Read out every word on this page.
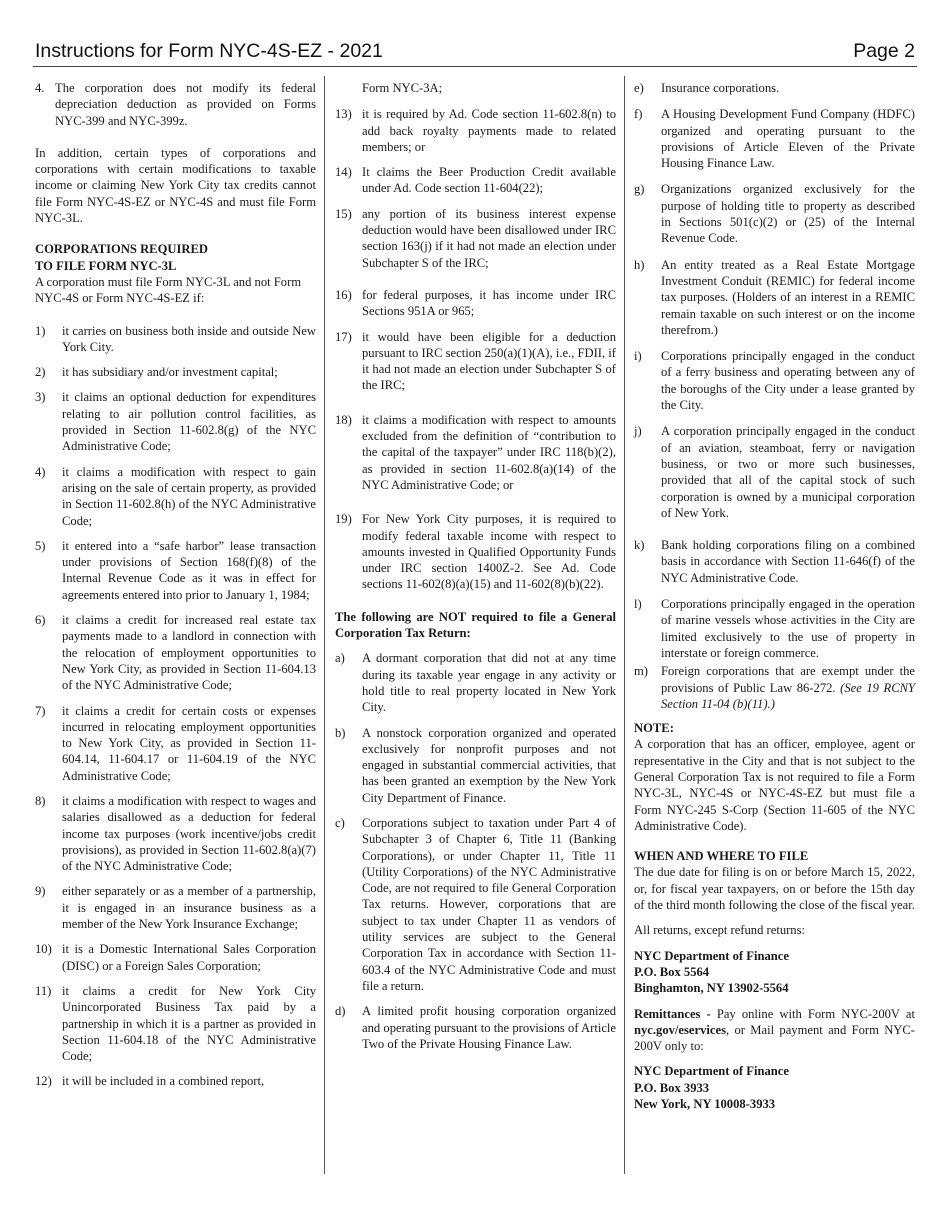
Instructions for Form NYC-4S-EZ - 2021	Page 2
4. The corporation does not modify its federal depreciation deduction as provided on Forms NYC-399 and NYC-399z.

In addition, certain types of corporations and corporations with certain modifications to taxable income or claiming New York City tax credits cannot file Form NYC-4S-EZ or NYC-4S and must file Form NYC-3L.

CORPORATIONS REQUIRED
TO FILE FORM NYC-3L

A corporation must file Form NYC-3L and not Form NYC-4S or Form NYC-4S-EZ if:

1) it carries on business both inside and outside New York City.
2) it has subsidiary and/or investment capital;
3) it claims an optional deduction for expenditures relating to air pollution control facilities, as provided in Section 11-602.8(g) of the NYC Administrative Code;
4) it claims a modification with respect to gain arising on the sale of certain property, as provided in Section 11-602.8(h) of the NYC Administrative Code;
5) it entered into a “safe harbor” lease transaction under provisions of Section 168(f)(8) of the Internal Revenue Code as it was in effect for agreements entered into prior to January 1, 1984;
6) it claims a credit for increased real estate tax payments made to a landlord in connection with the relocation of employment opportunities to New York City, as provided in Section 11-604.13 of the NYC Administrative Code;
7) it claims a credit for certain costs or expenses incurred in relocating employment opportunities to New York City, as provided in Section 11-604.14, 11-604.17 or 11-604.19 of the NYC Administrative Code;
8) it claims a modification with respect to wages and salaries disallowed as a deduction for federal income tax purposes (work incentive/jobs credit provisions), as provided in Section 11-602.8(a)(7) of the NYC Administrative Code;
9) either separately or as a member of a partnership, it is engaged in an insurance business as a member of the New York Insurance Exchange;
10) it is a Domestic International Sales Corporation (DISC) or a Foreign Sales Corporation;
11) it claims a credit for New York City Unincorporated Business Tax paid by a partnership in which it is a partner as provided in Section 11-604.18 of the NYC Administrative Code;
12) it will be included in a combined report,

Form NYC-3A;

13) it is required by Ad. Code section 11-602.8(n) to add back royalty payments made to related members; or
14) It claims the Beer Production Credit available under Ad. Code section 11-604(22);
15) any portion of its business interest expense deduction would have been disallowed under IRC section 163(j) if it had not made an election under Subchapter S of the IRC;
16) for federal purposes, it has income under IRC Sections 951A or 965;
17) it would have been eligible for a deduction pursuant to IRC section 250(a)(1)(A), i.e., FDII, if it had not made an election under Subchapter S of the IRC;
18) it claims a modification with respect to amounts excluded from the definition of “contribution to the capital of the taxpayer” under IRC 118(b)(2), as provided in section 11-602.8(a)(14) of the NYC Administrative Code; or
19) For New York City purposes, it is required to modify federal taxable income with respect to amounts invested in Qualified Opportunity Funds under IRC section 1400Z-2. See Ad. Code sections 11-602(8)(a)(15) and 11-602(8)(b)(22).

The following are NOT required to file a General Corporation Tax Return:

a) A dormant corporation that did not at any time during its taxable year engage in any activity or hold title to real property located in New York City.
b) A nonstock corporation organized and operated exclusively for nonprofit purposes and not engaged in substantial commercial activities, that has been granted an exemption by the New York City Department of Finance.
c) Corporations subject to taxation under Part 4 of Subchapter 3 of Chapter 6, Title 11 (Banking Corporations), or under Chapter 11, Title 11 (Utility Corporations) of the NYC Administrative Code, are not required to file General Corporation Tax returns. However, corporations that are subject to tax under Chapter 11 as vendors of utility services are subject to the General Corporation Tax in accordance with Section 11-603.4 of the NYC Administrative Code and must file a return.
d) A limited profit housing corporation organized and operating pursuant to the provisions of Article Two of the Private Housing Finance Law.
e) Insurance corporations.
f) A Housing Development Fund Company (HDFC) organized and operating pursuant to the provisions of Article Eleven of the Private Housing Finance Law.
g) Organizations organized exclusively for the purpose of holding title to property as described in Sections 501(c)(2) or (25) of the Internal Revenue Code.
h) An entity treated as a Real Estate Mortgage Investment Conduit (REMIC) for federal income tax purposes. (Holders of an interest in a REMIC remain taxable on such interest or on the income therefrom.)
i) Corporations principally engaged in the conduct of a ferry business and operating between any of the boroughs of the City under a lease granted by the City.
j) A corporation principally engaged in the conduct of an aviation, steamboat, ferry or navigation business, or two or more such businesses, provided that all of the capital stock of such corporation is owned by a municipal corporation of New York.
k) Bank holding corporations filing on a combined basis in accordance with Section 11-646(f) of the NYC Administrative Code.
l) Corporations principally engaged in the operation of marine vessels whose activities in the City are limited exclusively to the use of property in interstate or foreign commerce.
m) Foreign corporations that are exempt under the provisions of Public Law 86-272. (See 19 RCNY Section 11-04 (b)(11).)

NOTE:

A corporation that has an officer, employee, agent or representative in the City and that is not subject to the General Corporation Tax is not required to file a Form NYC-3L, NYC-4S or NYC-4S-EZ but must file a Form NYC-245 S-Corp (Section 11-605 of the NYC Administrative Code).

WHEN AND WHERE TO FILE

The due date for filing is on or before March 15, 2022, or, for fiscal year taxpayers, on or before the 15th day of the third month following the close of the fiscal year.

All returns, except refund returns:

NYC Department of Finance
P.O. Box 5564
Binghamton, NY 13902-5564

Remittances - Pay online with Form NYC-200V at nyc.gov/eservices, or Mail payment and Form NYC-200V only to:

NYC Department of Finance
P.O. Box 3933
New York, NY 10008-3933
